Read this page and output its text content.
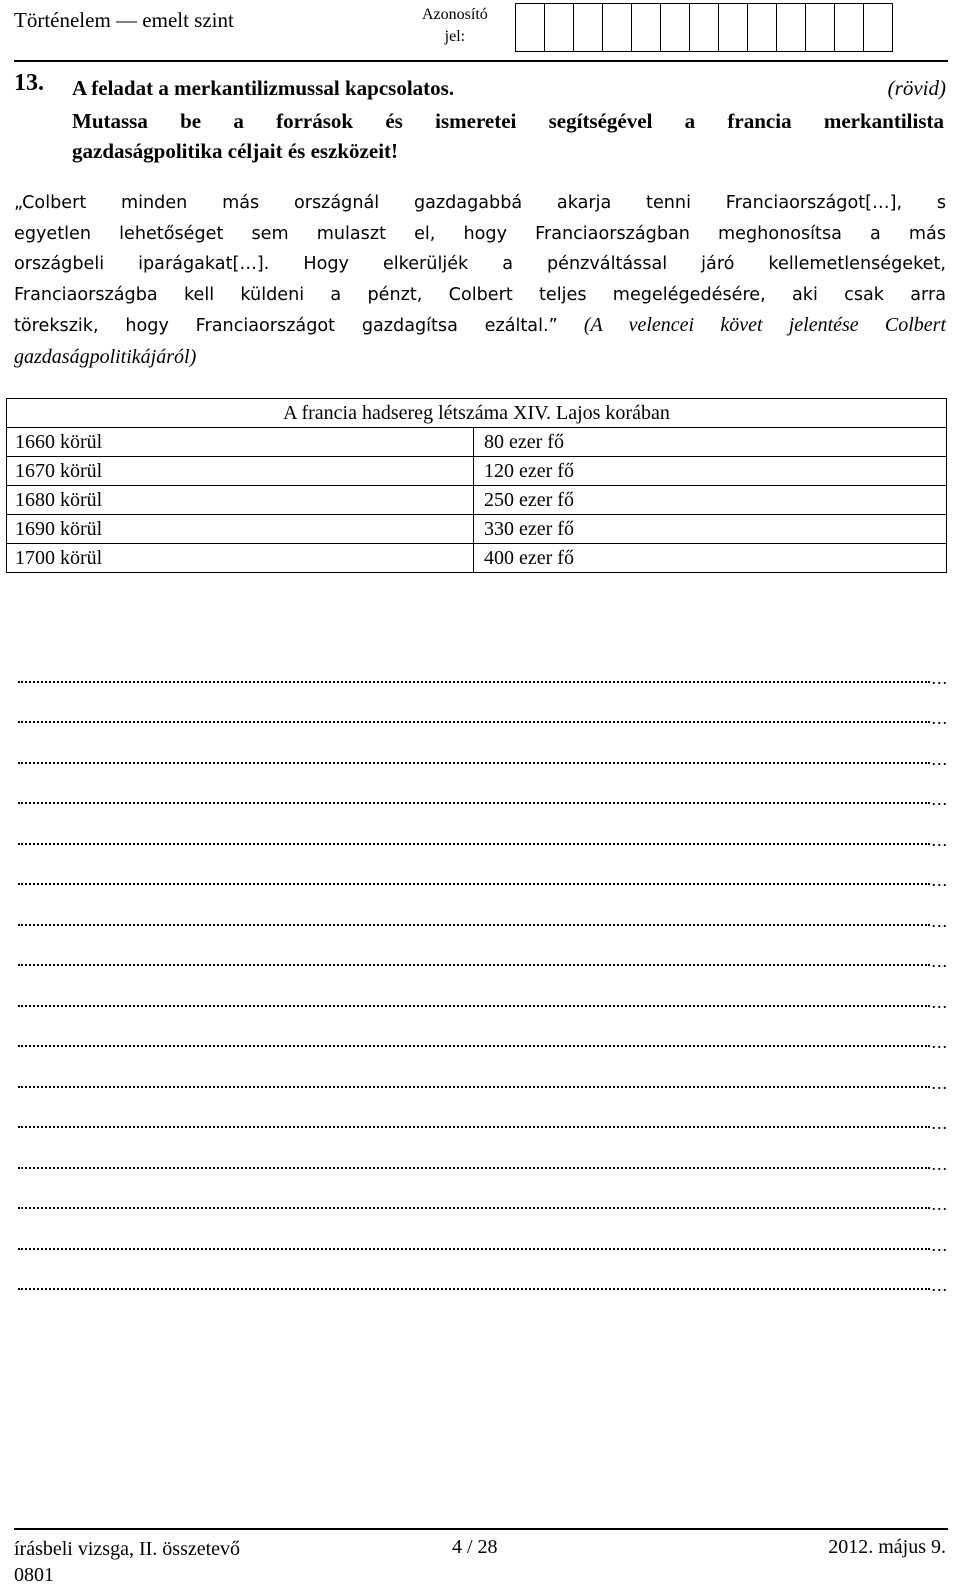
Történelem — emelt szint	Azonosító
jel:
13. A feladat a merkantilizmussal kapcsolatos.	(rövid)
Mutassa be a források és ismeretei segítségével a francia merkantilista
gazdaságpolitika céljait és eszközeit!
„Colbert minden más országnál gazdagabbá akarja tenni Franciaországot[…], s
egyetlen lehetőséget sem mulaszt el, hogy Franciaországban meghonosítsa a más
országbeli iparágakat[…]. Hogy elkerüljék a pénzváltással járó kellemetlenségeket,
Franciaországba kell küldeni a pénzt, Colbert teljes megelégedésére, aki csak arra
törekszik, hogy Franciaországot gazdagítsa ezáltal.” (A velencei követ jelentése Colbert
gazdaságpolitikájáról)
A francia hadsereg létszáma XIV. Lajos korában	
1660 körül	80 ezer fő
1670 körül	120 ezer fő
1680 körül	250 ezer fő
1690 körül	330 ezer fő
1700 körül	400 ezer fő
...
...
...
...
...
...
...
...
...
...
...
...
...
...
...
...
írásbeli vizsga, II. összetevő
0801
4 / 28	2012. május 9.
